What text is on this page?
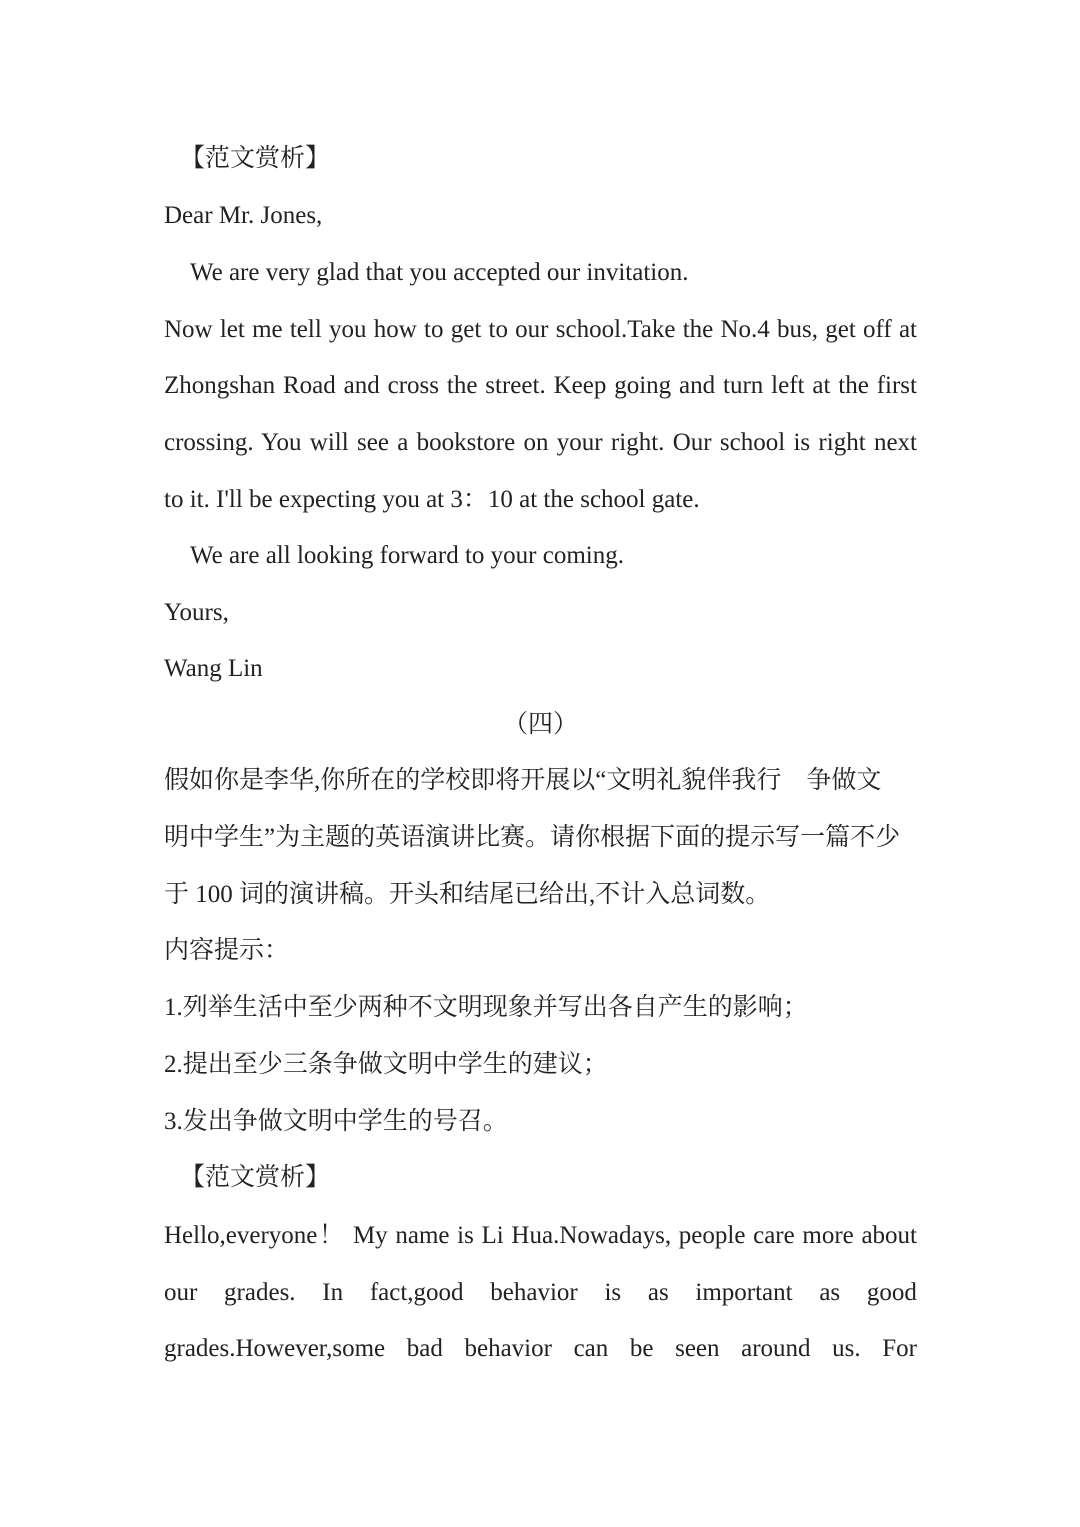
【范文赏析】
Dear Mr. Jones,
We are very glad that you accepted our invitation.
Now let me tell you how to get to our school.Take the No.4 bus, get off at
Zhongshan Road and cross the street. Keep going and turn left at the first
crossing. You will see a bookstore on your right. Our school is right next
to it. I'll be expecting you at 3：10 at the school gate.
We are all looking forward to your coming.
Yours,
Wang Lin
（四）
假如你是李华,你所在的学校即将开展以“文明礼貌伴我行　争做文
明中学生”为主题的英语演讲比赛。请你根据下面的提示写一篇不少
于 100 词的演讲稿。开头和结尾已给出,不计入总词数。
内容提示：
1.列举生活中至少两种不文明现象并写出各自产生的影响；
2.提出至少三条争做文明中学生的建议；
3.发出争做文明中学生的号召。
【范文赏析】
Hello,everyone！ My name is Li Hua.Nowadays, people care more about
our grades. In fact,good behavior is as important as good
grades.However,some bad behavior can be seen around us. For
